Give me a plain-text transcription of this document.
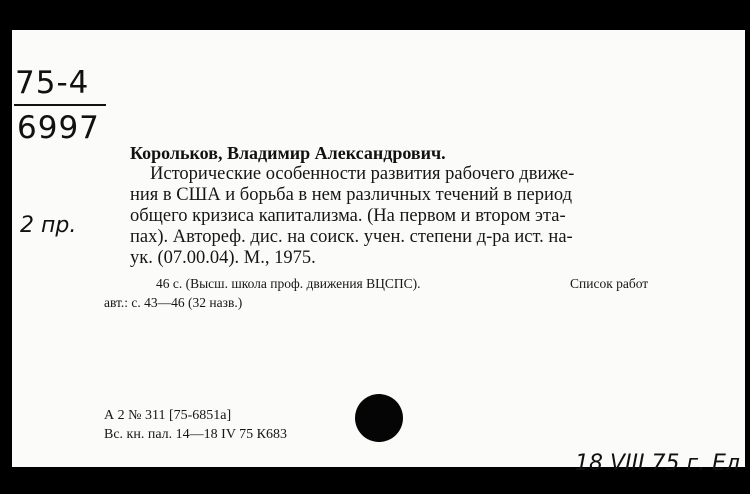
75-4
6997
2 пр.
Корольков, Владимир Александрович.
Исторические особенности развития рабочего движе-
ния в США и борьба в нем различных течений в период
общего кризиса капитализма. (На первом и втором эта-
пах). Автореф. дис. на соиск. учен. степени д-ра ист. на-
ук. (07.00.04). М., 1975.
46 с. (Высш. школа проф. движения ВЦСПС).
авт.: с. 43—46 (32 назв.)
Список работ
А 2 № 311 [75-6851а]
Вс. кн. пал. 14—18 IV 75 К683
18 VIII 75 г. Ел
